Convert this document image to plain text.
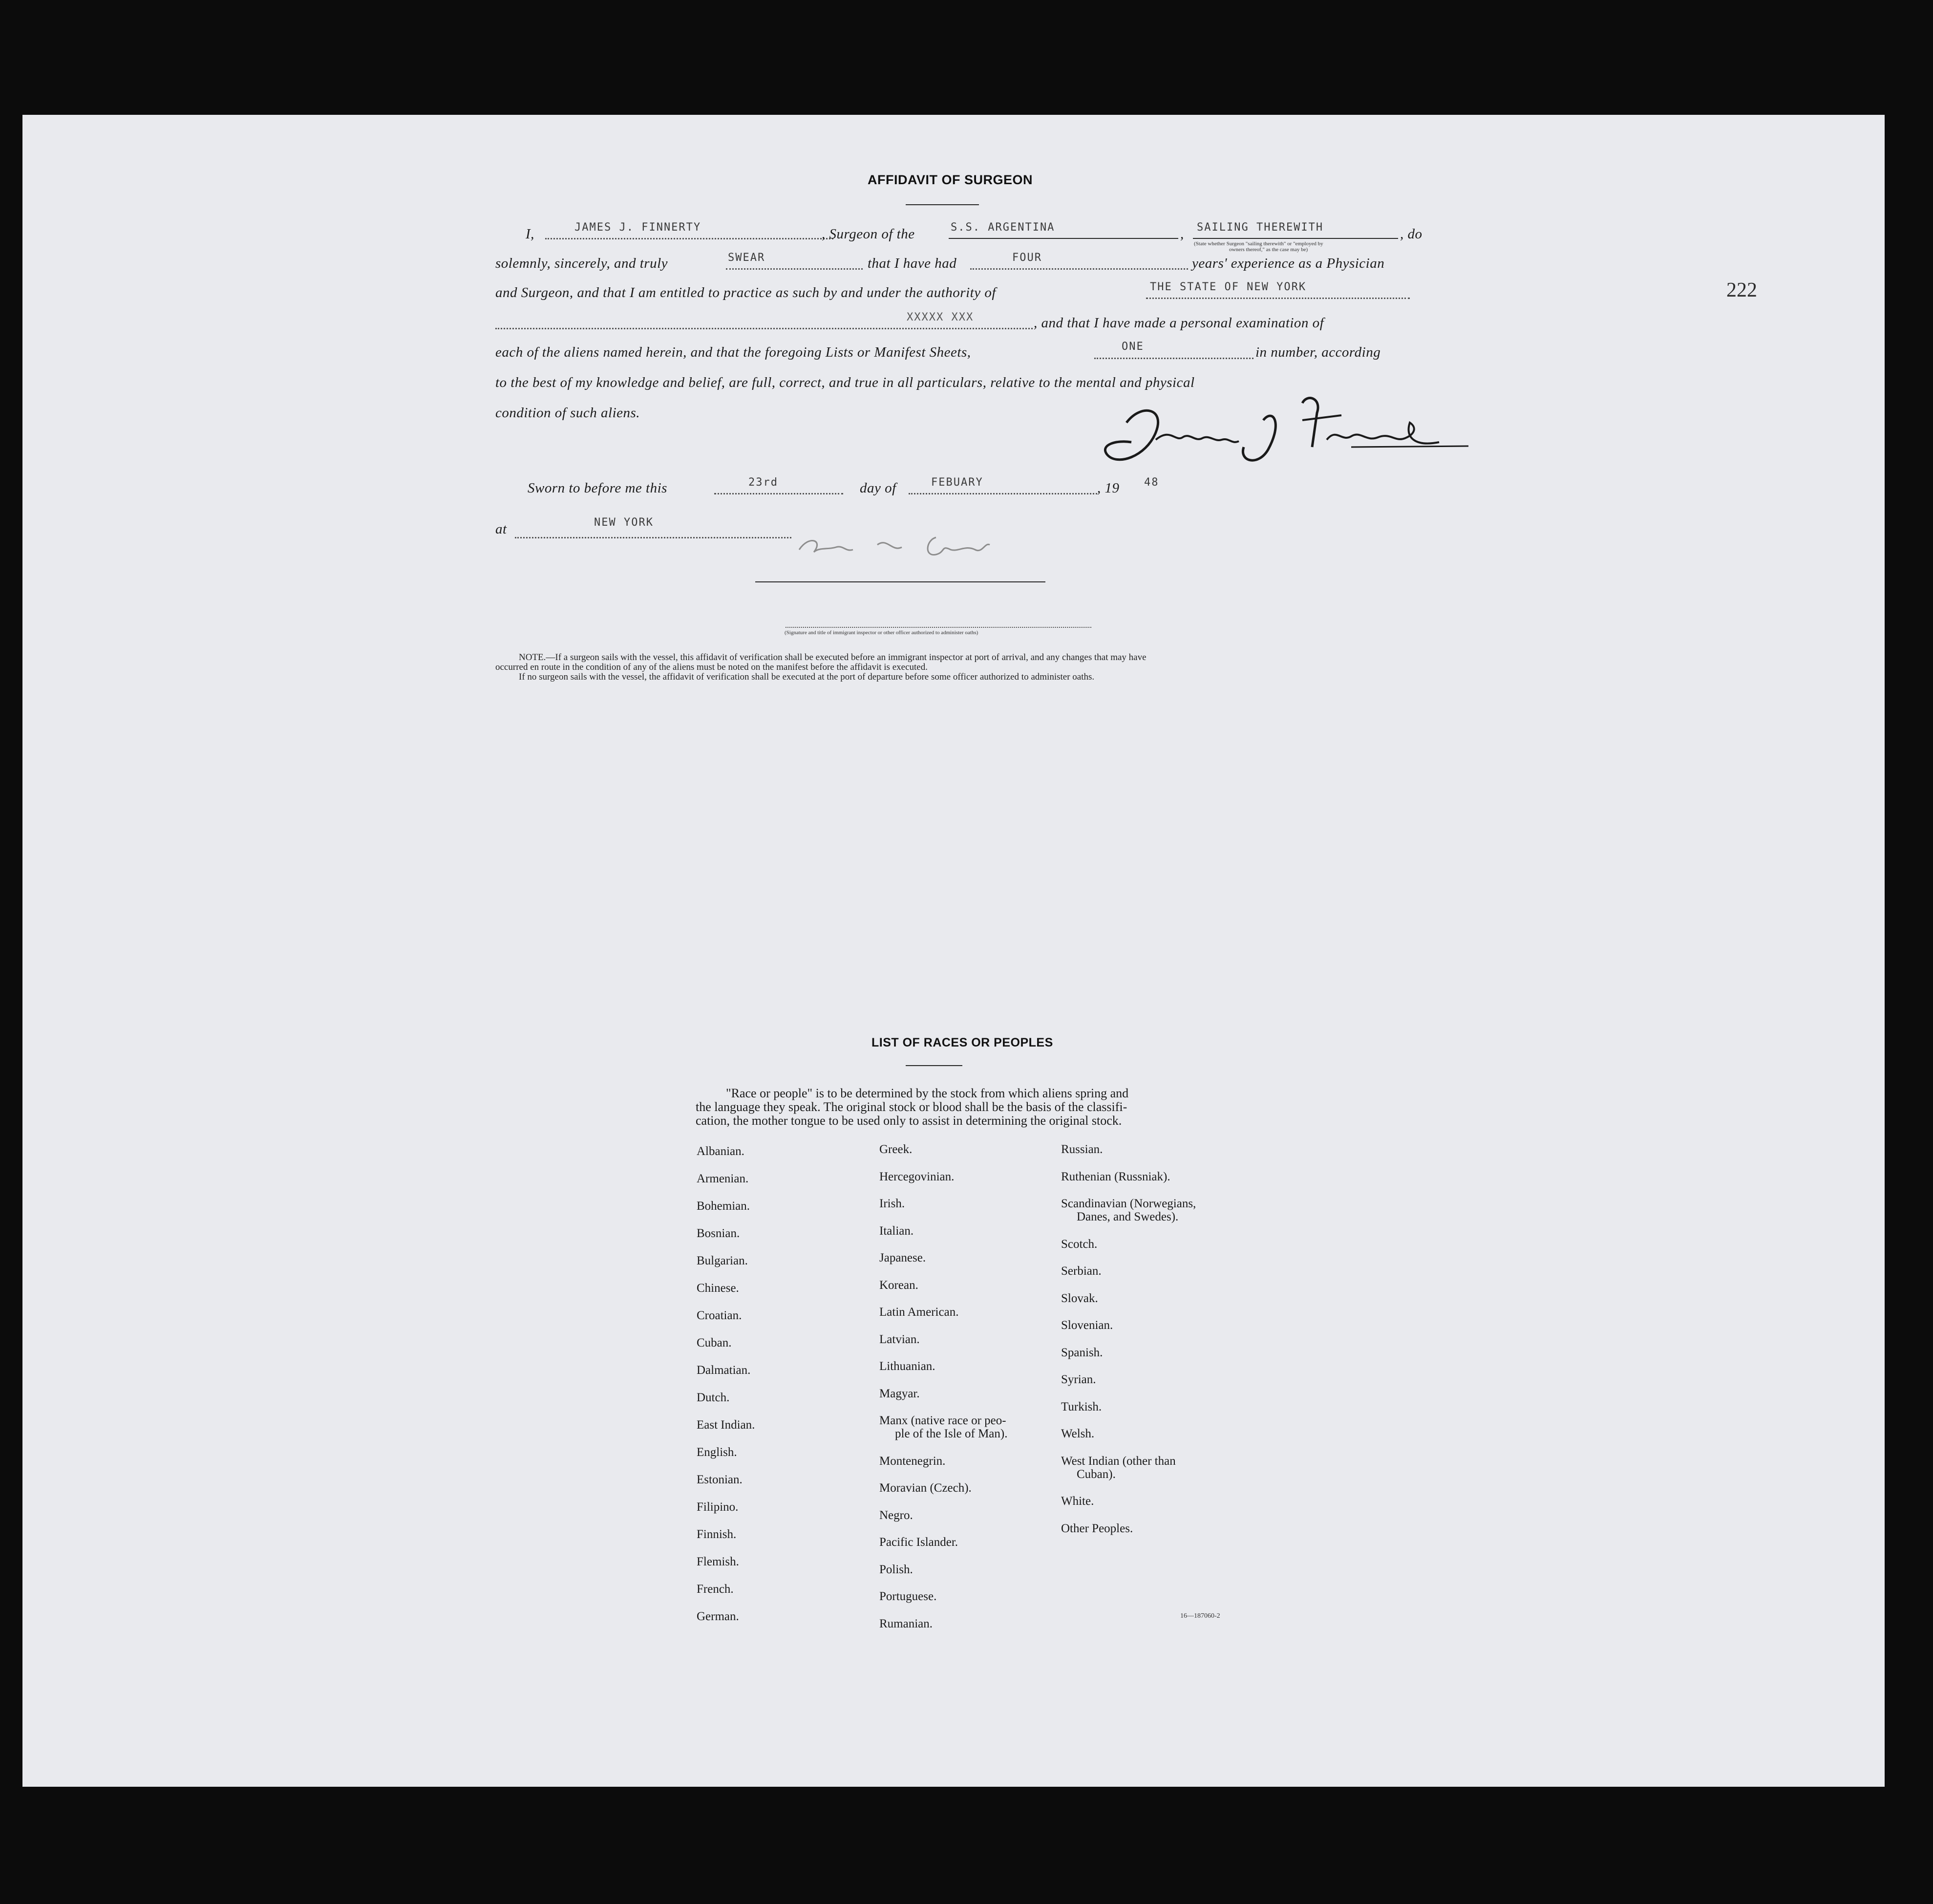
222
AFFIDAVIT OF SURGEON
I,	JAMES J. FINNERTY	, Surgeon of the	S.S. ARGENTINA	, SAILING THEREWITH	, do
(State whether Surgeon "sailing therewith" or "employed by
owners thereof," as the case may be)
solemnly, sincerely, and truly	SWEAR	that I have had	FOUR	years' experience as a Physician
and Surgeon, and that I am entitled to practice as such by and under the authority of	THE STATE OF NEW YORK
XXXXX XXX	, and that I have made a personal examination of
each of the aliens named herein, and that the foregoing Lists or Manifest Sheets,	ONE	in number, according
to the best of my knowledge and belief, are full, correct, and true in all particulars, relative to the mental and physical
condition of such aliens.
Sworn to before me this	23rd	day of	FEBUARY	, 19 48
at	NEW YORK
(Signature and title of immigrant inspector or other officer authorized to administer oaths)
NOTE.—If a surgeon sails with the vessel, this affidavit of verification shall be executed before an immigrant inspector at port of arrival, and any changes that may have
occurred en route in the condition of any of the aliens must be noted on the manifest before the affidavit is executed.
If no surgeon sails with the vessel, the affidavit of verification shall be executed at the port of departure before some officer authorized to administer oaths.
LIST OF RACES OR PEOPLES
"Race or people" is to be determined by the stock from which aliens spring and
the language they speak. The original stock or blood shall be the basis of the classifi-
cation, the mother tongue to be used only to assist in determining the original stock.
16—187060-2
Albanian.
Armenian.
Bohemian.
Bosnian.
Bulgarian.
Chinese.
Croatian.
Cuban.
Dalmatian.
Dutch.
East Indian.
English.
Estonian.
Filipino.
Finnish.
Flemish.
French.
German.
Greek.
Hercegovinian.
Irish.
Italian.
Japanese.
Korean.
Latin American.
Latvian.
Lithuanian.
Magyar.
Manx (native race or peo-
ple of the Isle of Man).
Montenegrin.
Moravian (Czech).
Negro.
Pacific Islander.
Polish.
Portuguese.
Rumanian.
Russian.
Ruthenian (Russniak).
Scandinavian (Norwegians,
Danes, and Swedes).
Scotch.
Serbian.
Slovak.
Slovenian.
Spanish.
Syrian.
Turkish.
Welsh.
West Indian (other than
Cuban).
White.
Other Peoples.
